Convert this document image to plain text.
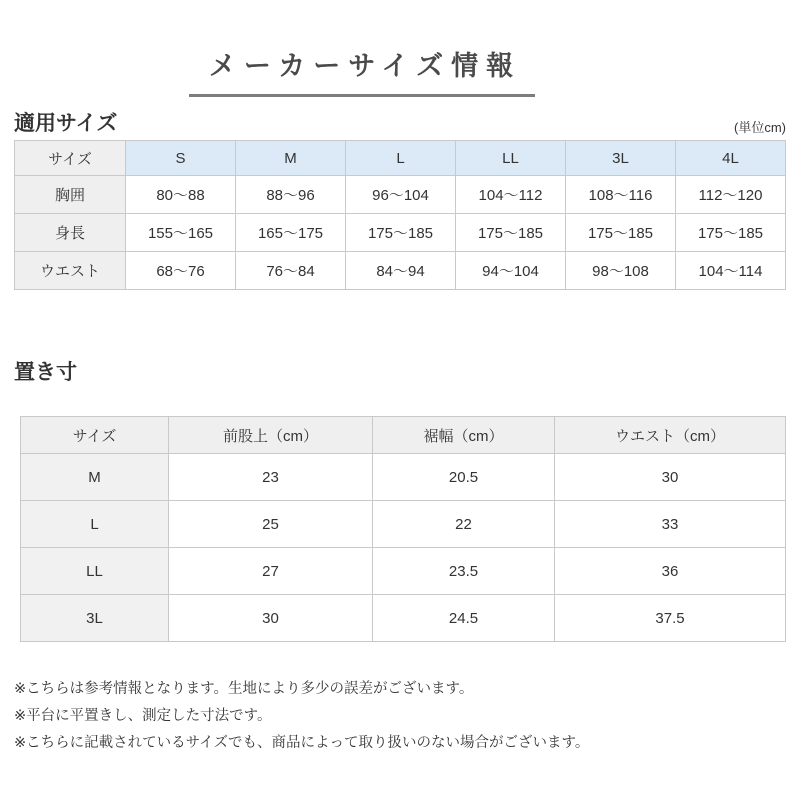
メーカーサイズ情報
適用サイズ	(単位cm)
サイズ	S	M	L	LL	3L	4L
胸囲	80〜88	88〜96	96〜104	104〜112	108〜116	112〜120
身長	155〜165	165〜175	175〜185	175〜185	175〜185	175〜185
ウエスト	68〜76	76〜84	84〜94	94〜104	98〜108	104〜114
置き寸
サイズ	前股上（cm）	裾幅（cm）	ウエスト（cm）
M	23	20.5	30
L	25	22	33
LL	27	23.5	36
3L	30	24.5	37.5
※こちらは参考情報となります。生地により多少の誤差がございます。
※平台に平置きし、測定した寸法です。
※こちらに記載されているサイズでも、商品によって取り扱いのない場合がございます。
